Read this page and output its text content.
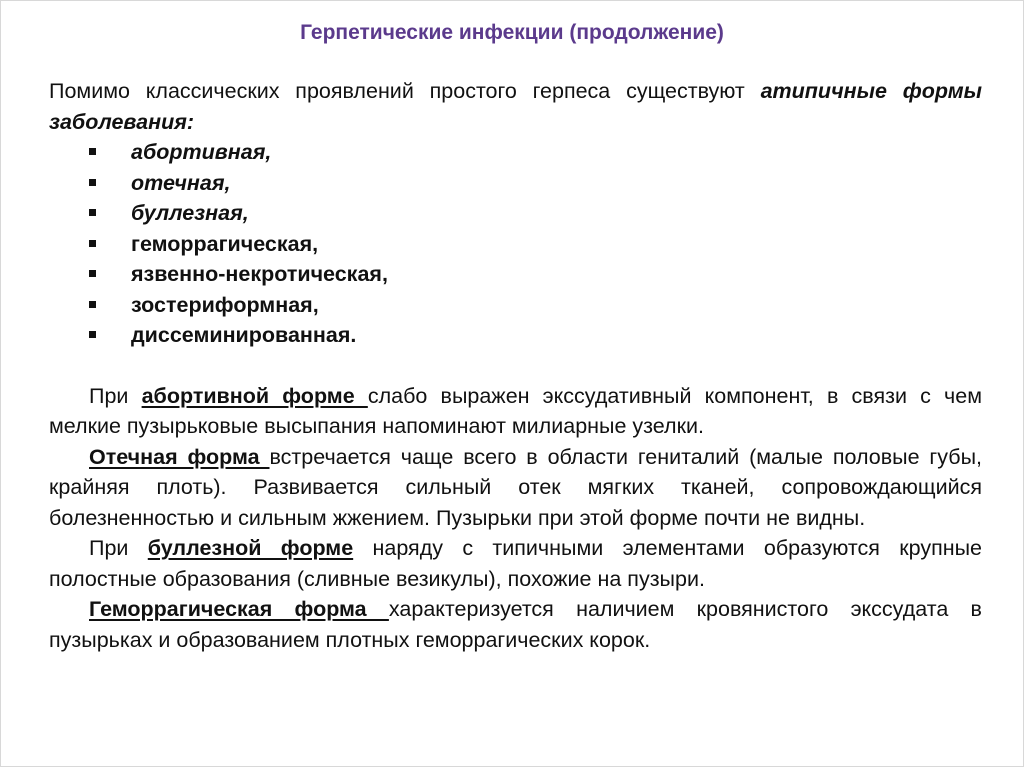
Герпетические инфекции (продолжение)

Помимо классических проявлений простого герпеса существуют атипичные формы заболевания:

абортивная,
отечная,
буллезная,
геморрагическая,
язвенно-некротическая,
зостериформная,
диссеминированная.

При абортивной форме слабо выражен экссудативный компонент, в связи с чем мелкие пузырьковые высыпания напоминают милиарные узелки.

Отечная форма встречается чаще всего в области гениталий (малые половые губы, крайняя плоть). Развивается сильный отек мягких тканей, сопровождающийся болезненностью и сильным жжением. Пузырьки при этой форме почти не видны.

При буллезной форме наряду с типичными элементами образуются крупные полостные образования (сливные везикулы), похожие на пузыри.

Геморрагическая форма характеризуется наличием кровянистого экссудата в пузырьках и образованием плотных геморрагических корок.
